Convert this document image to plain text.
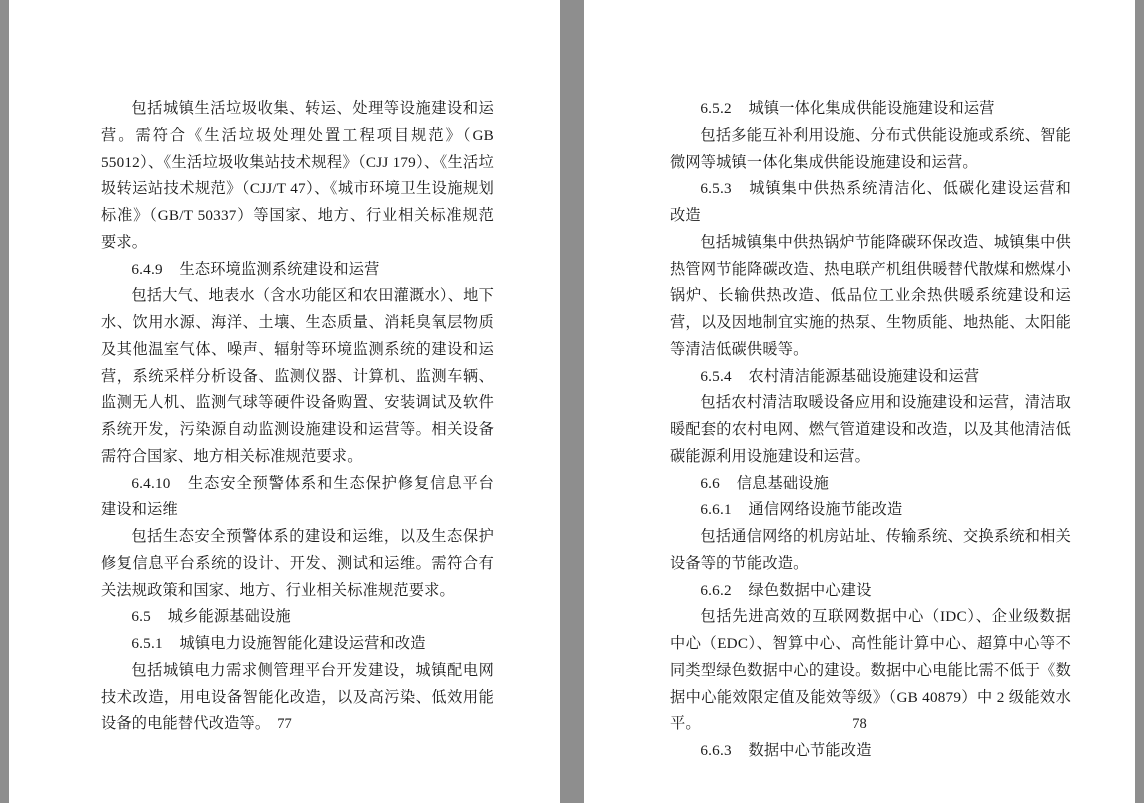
包括城镇生活垃圾收集、转运、处理等设施建设和运营。需符合《生活垃圾处理处置工程项目规范》（GB 55012）、《生活垃圾收集站技术规程》（CJJ 179）、《生活垃圾转运站技术规范》（CJJ/T 47）、《城市环境卫生设施规划标准》（GB/T 50337）等国家、地方、行业相关标准规范要求。

6.4.9 生态环境监测系统建设和运营

包括大气、地表水（含水功能区和农田灌溉水）、地下水、饮用水源、海洋、土壤、生态质量、消耗臭氧层物质及其他温室气体、噪声、辐射等环境监测系统的建设和运营，系统采样分析设备、监测仪器、计算机、监测车辆、监测无人机、监测气球等硬件设备购置、安装调试及软件系统开发，污染源自动监测设施建设和运营等。相关设备需符合国家、地方相关标准规范要求。

6.4.10 生态安全预警体系和生态保护修复信息平台建设和运维

包括生态安全预警体系的建设和运维，以及生态保护修复信息平台系统的设计、开发、测试和运维。需符合有关法规政策和国家、地方、行业相关标准规范要求。

6.5 城乡能源基础设施

6.5.1 城镇电力设施智能化建设运营和改造

包括城镇电力需求侧管理平台开发建设，城镇配电网技术改造，用电设备智能化改造，以及高污染、低效用能设备的电能替代改造等。 77

6.5.2 城镇一体化集成供能设施建设和运营

包括多能互补利用设施、分布式供能设施或系统、智能微网等城镇一体化集成供能设施建设和运营。

6.5.3 城镇集中供热系统清洁化、低碳化建设运营和改造

包括城镇集中供热锅炉节能降碳环保改造、城镇集中供热管网节能降碳改造、热电联产机组供暖替代散煤和燃煤小锅炉、长输供热改造、低品位工业余热供暖系统建设和运营，以及因地制宜实施的热泵、生物质能、地热能、太阳能等清洁低碳供暖等。

6.5.4 农村清洁能源基础设施建设和运营

包括农村清洁取暖设备应用和设施建设和运营，清洁取暖配套的农村电网、燃气管道建设和改造，以及其他清洁低碳能源利用设施建设和运营。

6.6 信息基础设施

6.6.1 通信网络设施节能改造

包括通信网络的机房站址、传输系统、交换系统和相关设备等的节能改造。

6.6.2 绿色数据中心建设

包括先进高效的互联网数据中心（IDC）、企业级数据中心（EDC）、智算中心、高性能计算中心、超算中心等不同类型绿色数据中心的建设。数据中心电能比需不低于《数据中心能效限定值及能效等级》（GB 40879）中 2 级能效水平。

6.6.3 数据中心节能改造

78
